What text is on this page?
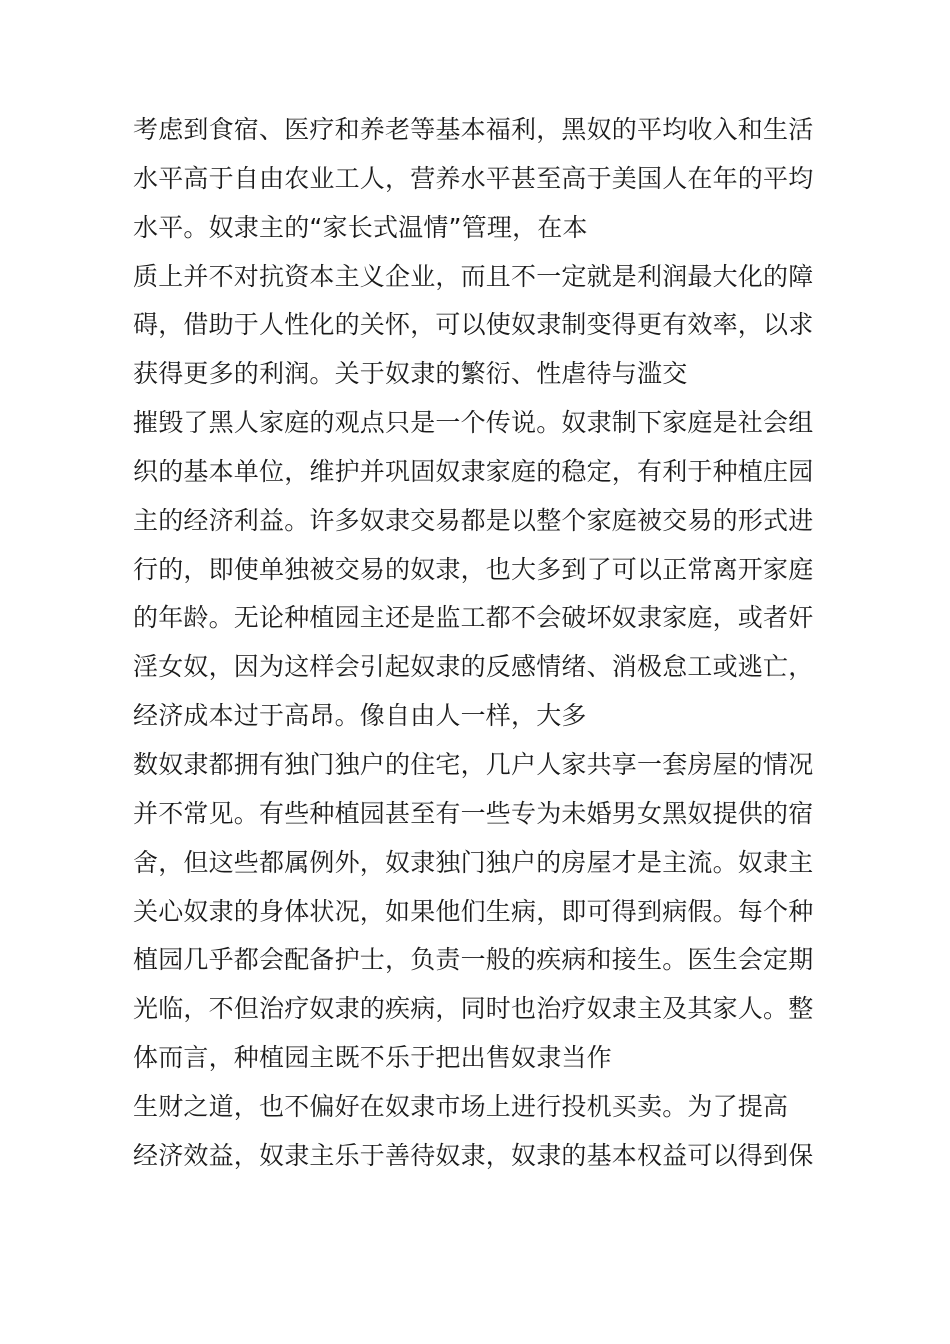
考虑到食宿、医疗和养老等基本福利，黑奴的平均收入和生活
水平高于自由农业工人，营养水平甚至高于美国人在年的平均
水平。奴隶主的“家长式温情”管理，在本
质上并不对抗资本主义企业，而且不一定就是利润最大化的障
碍，借助于人性化的关怀，可以使奴隶制变得更有效率，以求
获得更多的利润。关于奴隶的繁衍、性虐待与滥交
摧毁了黑人家庭的观点只是一个传说。奴隶制下家庭是社会组
织的基本单位，维护并巩固奴隶家庭的稳定，有利于种植庄园
主的经济利益。许多奴隶交易都是以整个家庭被交易的形式进
行的，即使单独被交易的奴隶，也大多到了可以正常离开家庭
的年龄。无论种植园主还是监工都不会破坏奴隶家庭，或者奸
淫女奴，因为这样会引起奴隶的反感情绪、消极怠工或逃亡，
经济成本过于高昂。像自由人一样，大多
数奴隶都拥有独门独户的住宅，几户人家共享一套房屋的情况
并不常见。有些种植园甚至有一些专为未婚男女黑奴提供的宿
舍，但这些都属例外，奴隶独门独户的房屋才是主流。奴隶主
关心奴隶的身体状况，如果他们生病，即可得到病假。每个种
植园几乎都会配备护士，负责一般的疾病和接生。医生会定期
光临，不但治疗奴隶的疾病，同时也治疗奴隶主及其家人。整
体而言，种植园主既不乐于把出售奴隶当作
生财之道，也不偏好在奴隶市场上进行投机买卖。为了提高
经济效益，奴隶主乐于善待奴隶，奴隶的基本权益可以得到保
